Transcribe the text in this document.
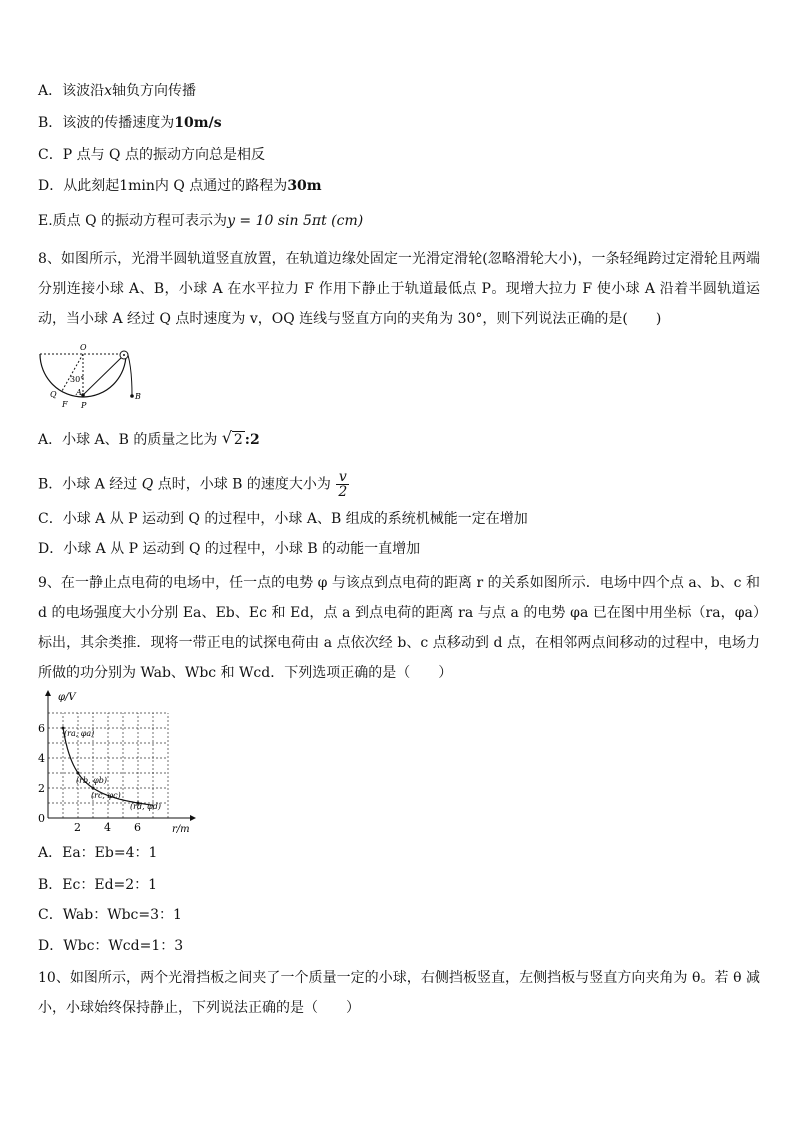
A．该波沿x轴负方向传播
B．该波的传播速度为10m/s
C．P 点与 Q 点的振动方向总是相反
D．从此刻起1min内 Q 点通过的路程为30m
E.质点 Q 的振动方程可表示为y = 10 sin 5πt (cm)
8、如图所示，光滑半圆轨道竖直放置，在轨道边缘处固定一光滑定滑轮(忽略滑轮大小)，一条轻绳跨过定滑轮且两端分别连接小球 A、B，小球 A 在水平拉力 F 作用下静止于轨道最低点 P。现增大拉力 F 使小球 A 沿着半圆轨道运动，当小球 A 经过 Q 点时速度为 v，OQ 连线与竖直方向的夹角为 30°，则下列说法正确的是(　　)
O
30°
Q A
F P
B
A．小球 A、B 的质量之比为 √ 2 :2
B．小球 A 经过 Q 点时，小球 B 的速度大小为 $\frac{v}{2}$
C．小球 A 从 P 运动到 Q 的过程中，小球 A、B 组成的系统机械能一定在增加
D．小球 A 从 P 运动到 Q 的过程中，小球 B 的动能一直增加
9、在一静止点电荷的电场中，任一点的电势 φ 与该点到点电荷的距离 r 的关系如图所示．电场中四个点 a、b、c 和 d 的电场强度大小分别 Ea、Eb、Ec 和 Ed，点 a 到点电荷的距离 ra 与点 a 的电势 φa 已在图中用坐标（ra，φa）标出，其余类推．现将一带正电的试探电荷由 a 点依次经 b、c 点移动到 d 点，在相邻两点间移动的过程中，电场力所做的功分别为 Wab、Wbc 和 Wcd．下列选项正确的是（　　）
φ/V
r/m
0
2 4 6
2
4
6 (ra, φa)
(rb, φb)
(rc, φc)
(rd, φd)
A．Ea：Eb=4：1
B．Ec：Ed=2：1
C．Wab：Wbc=3：1
D．Wbc：Wcd=1：3
10、如图所示，两个光滑挡板之间夹了一个质量一定的小球，右侧挡板竖直，左侧挡板与竖直方向夹角为 θ。若 θ 减小，小球始终保持静止，下列说法正确的是（　　）
